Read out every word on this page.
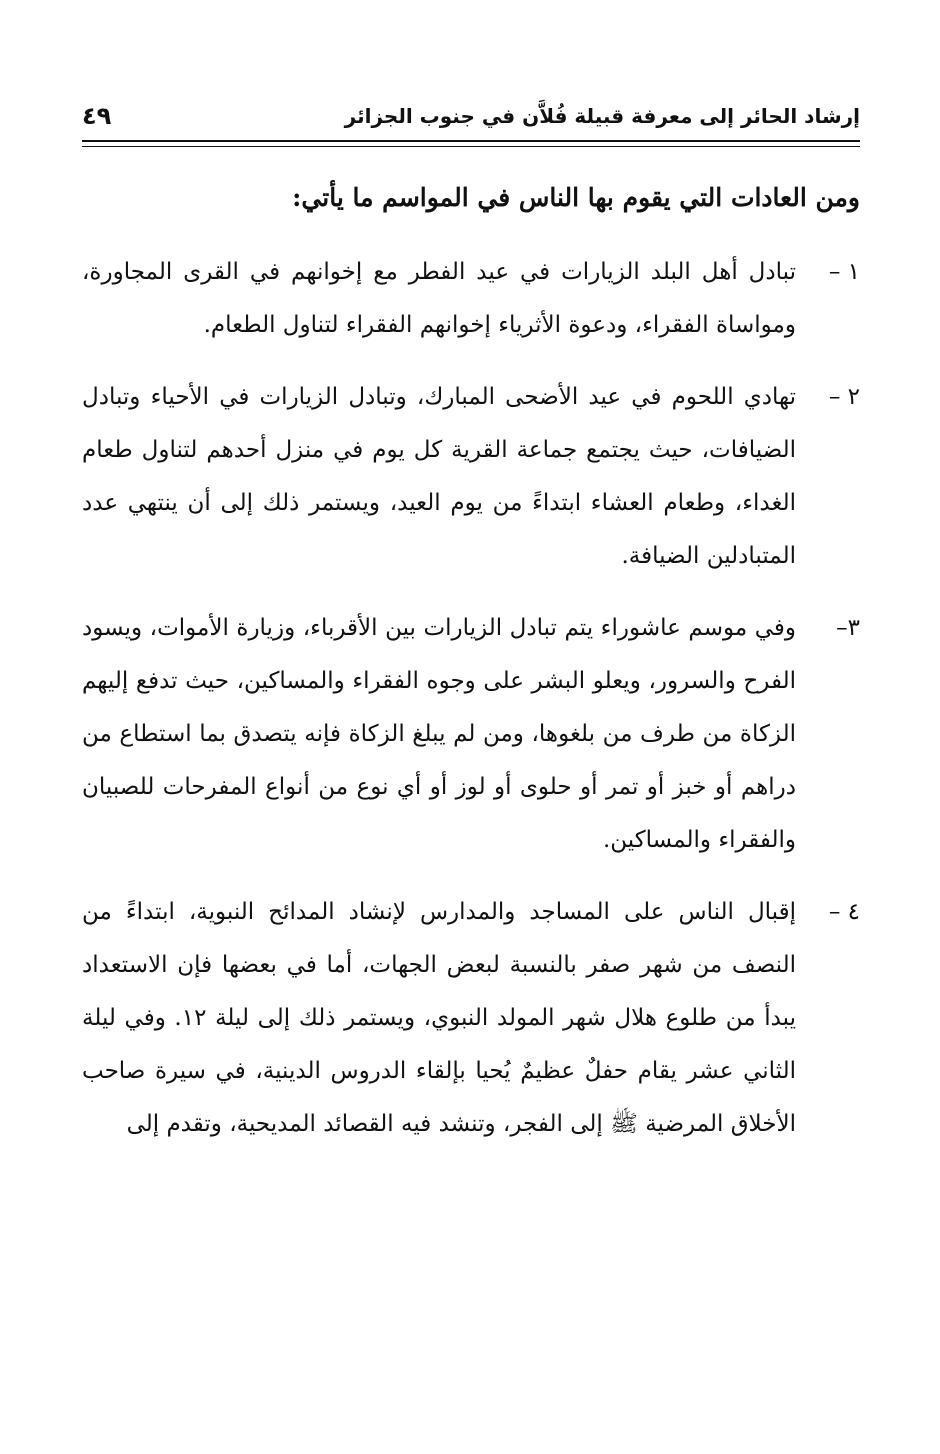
إرشاد الحائر إلى معرفة قبيلة فُلاَّن في جنوب الجزائر
٤٩

ومن العادات التي يقوم بها الناس في المواسم ما يأتي:

١ –
تبادل أهل البلد الزيارات في عيد الفطر مع إخوانهم في القرى المجاورة، ومواساة الفقراء، ودعوة الأثرياء إخوانهم الفقراء لتناول الطعام.
٢ –
تهادي اللحوم في عيد الأضحى المبارك، وتبادل الزيارات في الأحياء وتبادل الضيافات، حيث يجتمع جماعة القرية كل يوم في منزل أحدهم لتناول طعام الغداء، وطعام العشاء ابتداءً من يوم العيد، ويستمر ذلك إلى أن ينتهي عدد المتبادلين الضيافة.
٣–
وفي موسم عاشوراء يتم تبادل الزيارات بين الأقرباء، وزيارة الأموات، ويسود الفرح والسرور، ويعلو البشر على وجوه الفقراء والمساكين، حيث تدفع إليهم الزكاة من طرف من بلغوها، ومن لم يبلغ الزكاة فإنه يتصدق بما استطاع من دراهم أو خبز أو تمر أو حلوى أو لوز أو أي نوع من أنواع المفرحات للصبيان والفقراء والمساكين.
٤ –
إقبال الناس على المساجد والمدارس لإنشاد المدائح النبوية، ابتداءً من النصف من شهر صفر بالنسبة لبعض الجهات، أما في بعضها فإن الاستعداد يبدأ من طلوع هلال شهر المولد النبوي، ويستمر ذلك إلى ليلة ١٢. وفي ليلة الثاني عشر يقام حفلٌ عظيمٌ يُحيا بإلقاء الدروس الدينية، في سيرة صاحب الأخلاق المرضية ﷺ إلى الفجر، وتنشد فيه القصائد المديحية، وتقدم إلى
